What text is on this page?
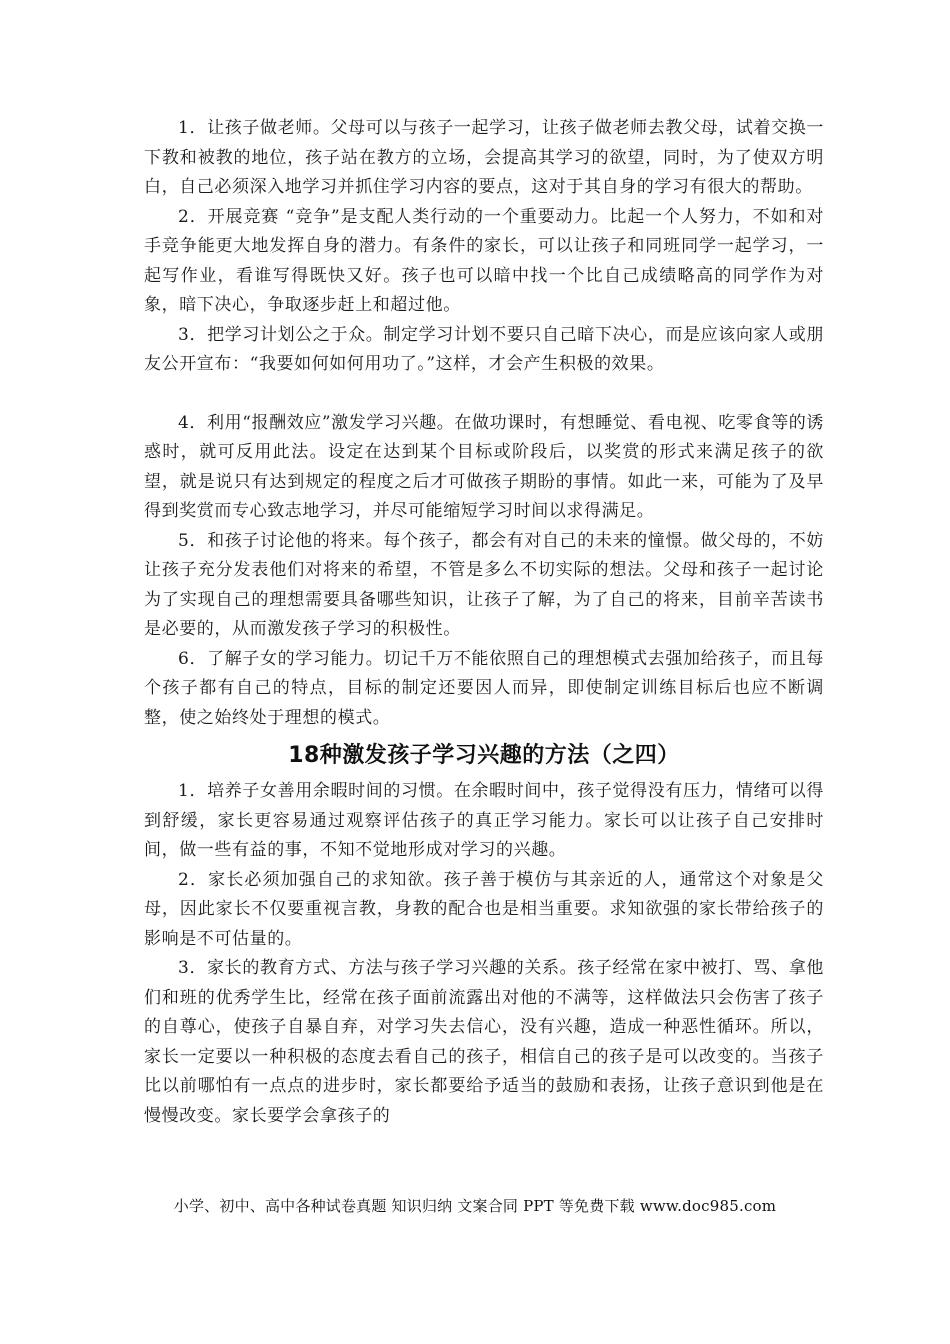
1．让孩子做老师。父母可以与孩子一起学习，让孩子做老师去教父母，试着交换一下教和被教的地位，孩子站在教方的立场，会提高其学习的欲望，同时，为了使双方明白，自己必须深入地学习并抓住学习内容的要点，这对于其自身的学习有很大的帮助。

2．开展竞赛 “竞争”是支配人类行动的一个重要动力。比起一个人努力，不如和对手竞争能更大地发挥自身的潜力。有条件的家长，可以让孩子和同班同学一起学习，一起写作业，看谁写得既快又好。孩子也可以暗中找一个比自己成绩略高的同学作为对象，暗下决心，争取逐步赶上和超过他。

3．把学习计划公之于众。制定学习计划不要只自己暗下决心，而是应该向家人或朋友公开宣布：“我要如何如何用功了。”这样，才会产生积极的效果。

4．利用“报酬效应”激发学习兴趣。在做功课时，有想睡觉、看电视、吃零食等的诱惑时，就可反用此法。设定在达到某个目标或阶段后，以奖赏的形式来满足孩子的欲望，就是说只有达到规定的程度之后才可做孩子期盼的事情。如此一来，可能为了及早得到奖赏而专心致志地学习，并尽可能缩短学习时间以求得满足。

5．和孩子讨论他的将来。每个孩子，都会有对自己的未来的憧憬。做父母的，不妨让孩子充分发表他们对将来的希望，不管是多么不切实际的想法。父母和孩子一起讨论为了实现自己的理想需要具备哪些知识，让孩子了解，为了自己的将来，目前辛苦读书是必要的，从而激发孩子学习的积极性。

6．了解子女的学习能力。切记千万不能依照自己的理想模式去强加给孩子，而且每个孩子都有自己的特点，目标的制定还要因人而异，即使制定训练目标后也应不断调整，使之始终处于理想的模式。

18种激发孩子学习兴趣的方法（之四）

1．培养子女善用余暇时间的习惯。在余暇时间中，孩子觉得没有压力，情绪可以得到舒缓，家长更容易通过观察评估孩子的真正学习能力。家长可以让孩子自己安排时间，做一些有益的事，不知不觉地形成对学习的兴趣。

2．家长必须加强自己的求知欲。孩子善于模仿与其亲近的人，通常这个对象是父母，因此家长不仅要重视言教，身教的配合也是相当重要。求知欲强的家长带给孩子的影响是不可估量的。

3．家长的教育方式、方法与孩子学习兴趣的关系。孩子经常在家中被打、骂、拿他们和班的优秀学生比，经常在孩子面前流露出对他的不满等，这样做法只会伤害了孩子的自尊心，使孩子自暴自弃，对学习失去信心，没有兴趣，造成一种恶性循环。所以，家长一定要以一种积极的态度去看自己的孩子，相信自己的孩子是可以改变的。当孩子比以前哪怕有一点点的进步时，家长都要给予适当的鼓励和表扬，让孩子意识到他是在慢慢改变。家长要学会拿孩子的

小学、初中、高中各种试卷真题 知识归纳 文案合同 PPT 等免费下载 www.doc985.com
